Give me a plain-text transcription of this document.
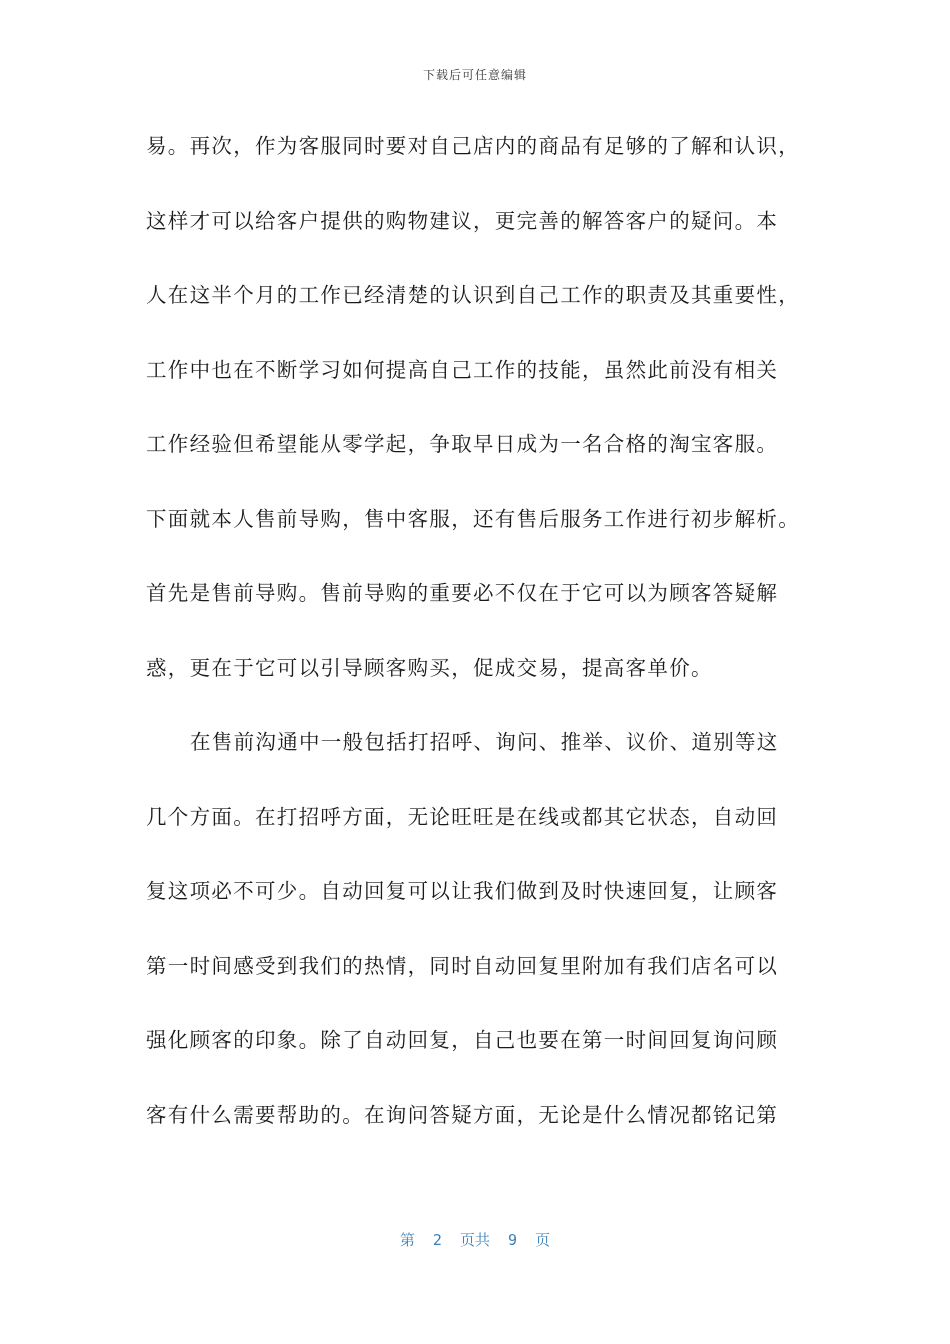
下载后可任意编辑
易。再次，作为客服同时要对自己店内的商品有足够的了解和认识，
这样才可以给客户提供的购物建议，更完善的解答客户的疑问。本
人在这半个月的工作已经清楚的认识到自己工作的职责及其重要性，
工作中也在不断学习如何提高自己工作的技能，虽然此前没有相关
工作经验但希望能从零学起，争取早日成为一名合格的淘宝客服。
下面就本人售前导购，售中客服，还有售后服务工作进行初步解析。
首先是售前导购。售前导购的重要必不仅在于它可以为顾客答疑解
惑，更在于它可以引导顾客购买，促成交易，提高客单价。
在售前沟通中一般包括打招呼、询问、推举、议价、道别等这
几个方面。在打招呼方面，无论旺旺是在线或都其它状态，自动回
复这项必不可少。自动回复可以让我们做到及时快速回复，让顾客
第一时间感受到我们的热情，同时自动回复里附加有我们店名可以
强化顾客的印象。除了自动回复，自己也要在第一时间回复询问顾
客有什么需要帮助的。在询问答疑方面，无论是什么情况都铭记第
第  2  页共  9  页
